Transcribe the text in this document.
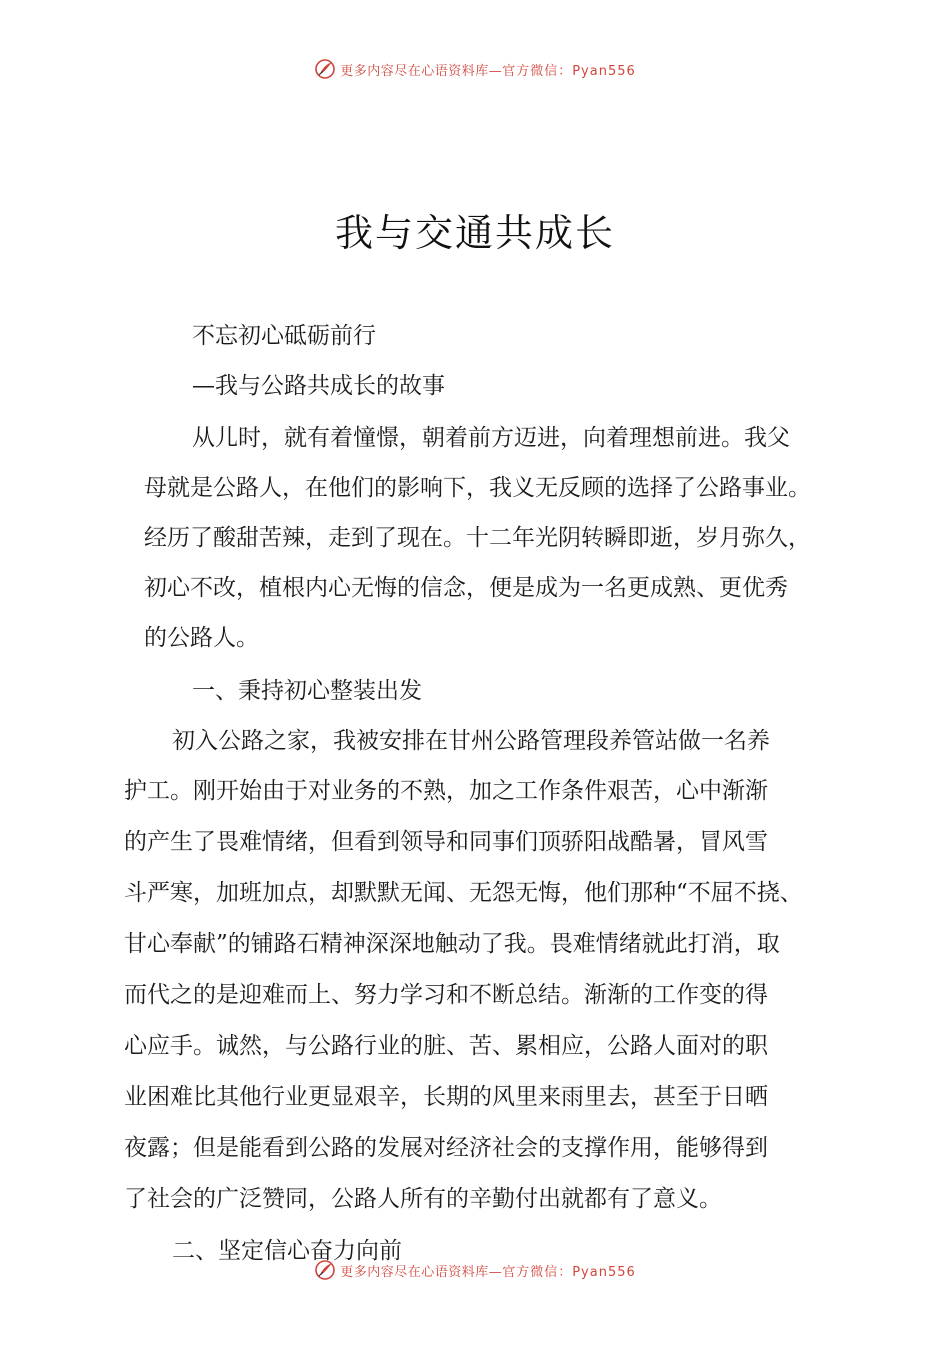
更多内容尽在心语资料库— 官方微信：Pyan556
我与交通共成长
不忘初心砥砺前行
—我与公路共成长的故事
从儿时，就有着憧憬，朝着前方迈进，向着理想前进。我父
母就是公路人，在他们的影响下，我义无反顾的选择了公路事业。
经历了酸甜苦辣，走到了现在。十二年光阴转瞬即逝，岁月弥久，
初心不改，植根内心无悔的信念，便是成为一名更成熟、更优秀
的公路人。
一、秉持初心整装出发
初入公路之家，我被安排在甘州公路管理段养管站做一名养
护工。刚开始由于对业务的不熟，加之工作条件艰苦，心中渐渐
的产生了畏难情绪，但看到领导和同事们顶骄阳战酷暑，冒风雪
斗严寒，加班加点，却默默无闻、无怨无悔，他们那种“不屈不挠、
甘心奉献”的铺路石精神深深地触动了我。畏难情绪就此打消，取
而代之的是迎难而上、努力学习和不断总结。渐渐的工作变的得
心应手。诚然，与公路行业的脏、苦、累相应，公路人面对的职
业困难比其他行业更显艰辛，长期的风里来雨里去，甚至于日晒
夜露；但是能看到公路的发展对经济社会的支撑作用，能够得到
了社会的广泛赞同，公路人所有的辛勤付出就都有了意义。
二、坚定信心奋力向前
更多内容尽在心语资料库— 官方微信：Pyan556
